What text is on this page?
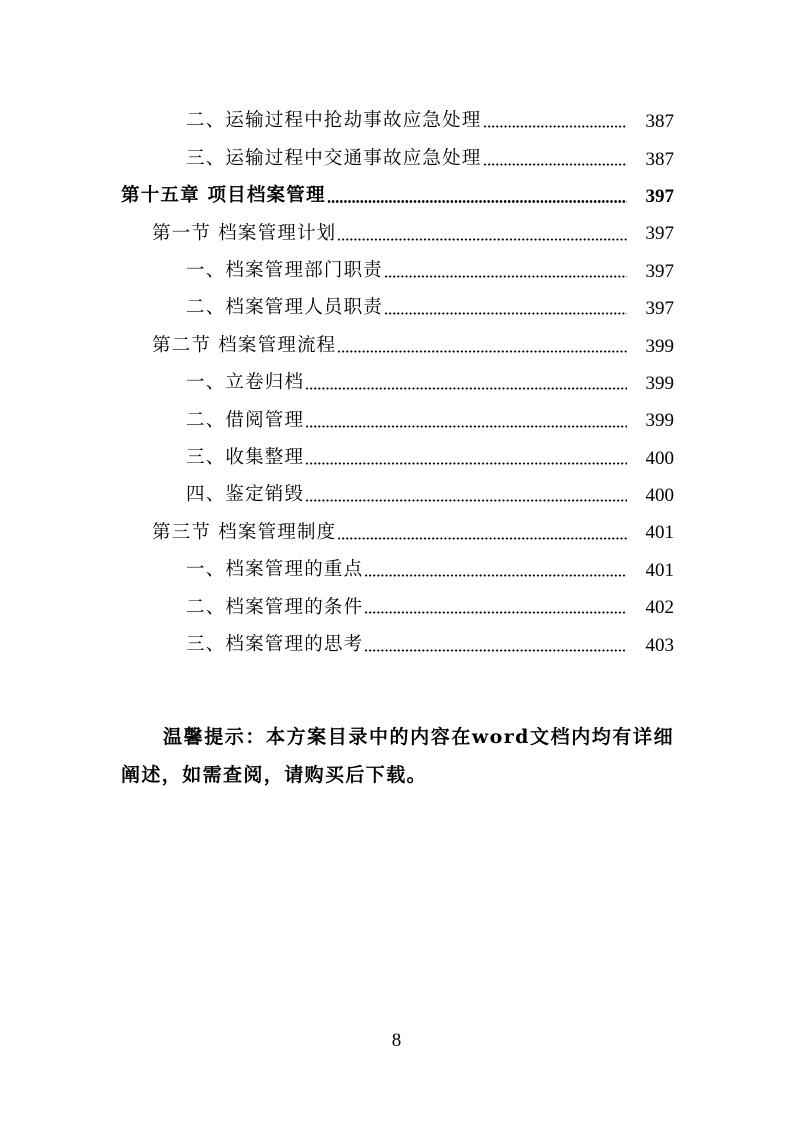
二、运输过程中抢劫事故应急处理	387
三、运输过程中交通事故应急处理	387
第十五章 项目档案管理	397
第一节 档案管理计划	397
一、档案管理部门职责	397
二、档案管理人员职责	397
第二节 档案管理流程	399
一、立卷归档	399
二、借阅管理	399
三、收集整理	400
四、鉴定销毁	400
第三节 档案管理制度	401
一、档案管理的重点	401
二、档案管理的条件	402
三、档案管理的思考	403

温馨提示：本方案目录中的内容在word文档内均有详细阐述，如需查阅，请购买后下载。

8
